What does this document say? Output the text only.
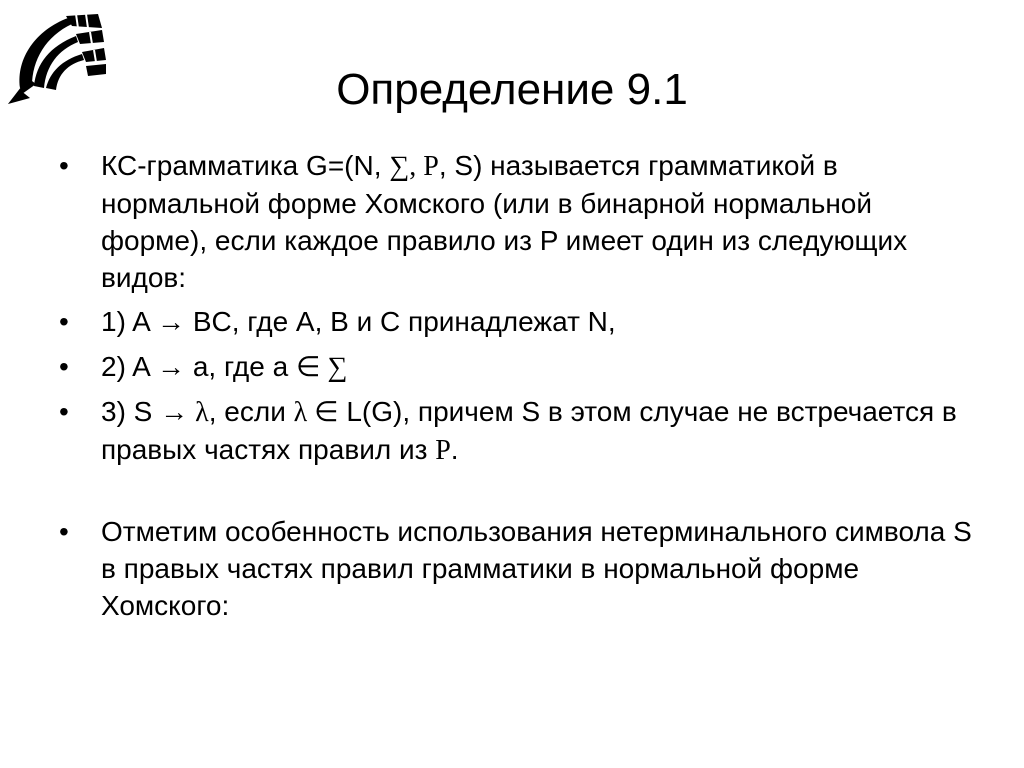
Определение 9.1
•	КС-грамматика G=(N, ∑, P, S) называется грамматикой в нормальной форме Хомского (или в бинарной нормальной форме), если каждое правило из P имеет один из следующих видов:
•	1) A → BC, где A, B и C принадлежат N,
•	2) A → a, где a ∈ ∑
•	3) S → λ, если λ ∈ L(G), причем S в этом случае не встречается в правых частях правил из P.
•	Отметим особенность использования нетерминального символа S в правых частях правил грамматики в нормальной форме Хомского:
